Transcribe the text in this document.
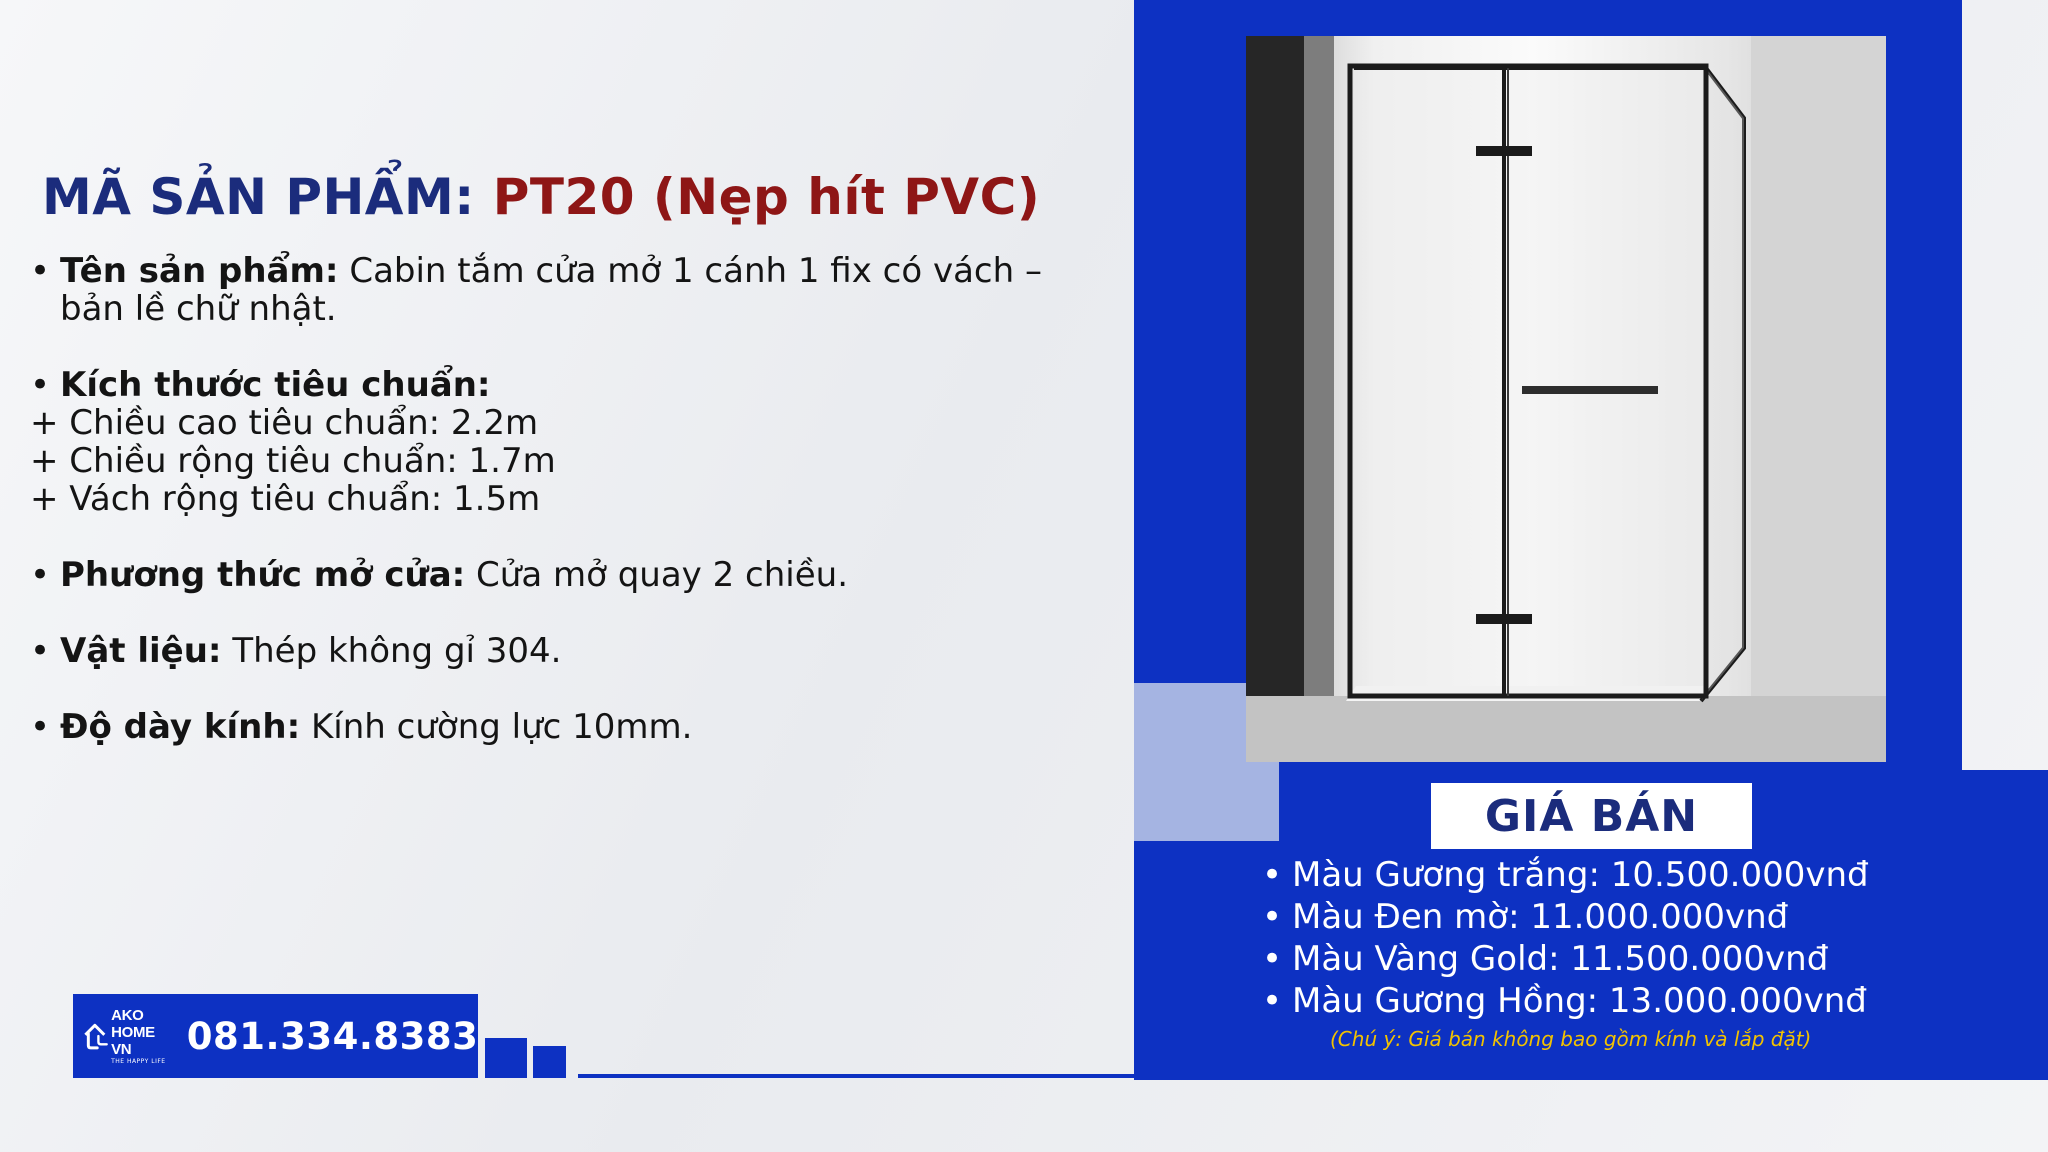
MÃ SẢN PHẨM: PT20 (Nẹp hít PVC)
• Tên sản phẩm: Cabin tắm cửa mở 1 cánh 1 fix có vách –
bản lề chữ nhật.
• Kích thước tiêu chuẩn:
+ Chiều cao tiêu chuẩn: 2.2m
+ Chiều rộng tiêu chuẩn: 1.7m
+ Vách rộng tiêu chuẩn: 1.5m
• Phương thức mở cửa: Cửa mở quay 2 chiều.
• Vật liệu: Thép không gỉ 304.
• Độ dày kính: Kính cường lực 10mm.
GIÁ BÁN
• Màu Gương trắng: 10.500.000vnđ
• Màu Đen mờ: 11.000.000vnđ
• Màu Vàng Gold: 11.500.000vnđ
• Màu Gương Hồng: 13.000.000vnđ
(Chú ý: Giá bán không bao gồm kính và lắp đặt)
AKO HOME VN
THE HAPPY LIFE
081.334.8383
